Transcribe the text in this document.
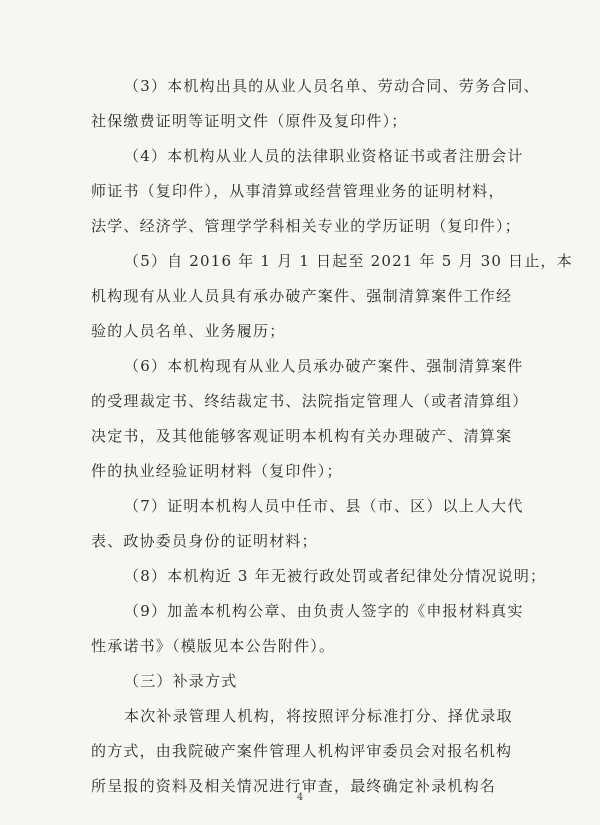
（3）本机构出具的从业人员名单、劳动合同、劳务合同、
社保缴费证明等证明文件（原件及复印件）；
（4）本机构从业人员的法律职业资格证书或者注册会计
师证书（复印件），从事清算或经营管理业务的证明材料，
法学、经济学、管理学学科相关专业的学历证明（复印件）；
（5）自 2016 年 1 月 1 日起至 2021 年 5 月 30 日止，本
机构现有从业人员具有承办破产案件、强制清算案件工作经
验的人员名单、业务履历；
（6）本机构现有从业人员承办破产案件、强制清算案件
的受理裁定书、终结裁定书、法院指定管理人（或者清算组）
决定书，及其他能够客观证明本机构有关办理破产、清算案
件的执业经验证明材料（复印件）；
（7）证明本机构人员中任市、县（市、区）以上人大代
表、政协委员身份的证明材料；
（8）本机构近 3 年无被行政处罚或者纪律处分情况说明；
（9）加盖本机构公章、由负责人签字的《申报材料真实
性承诺书》（模版见本公告附件）。
（三）补录方式
本次补录管理人机构，将按照评分标准打分、择优录取
的方式，由我院破产案件管理人机构评审委员会对报名机构
所呈报的资料及相关情况进行审查，最终确定补录机构名
4
